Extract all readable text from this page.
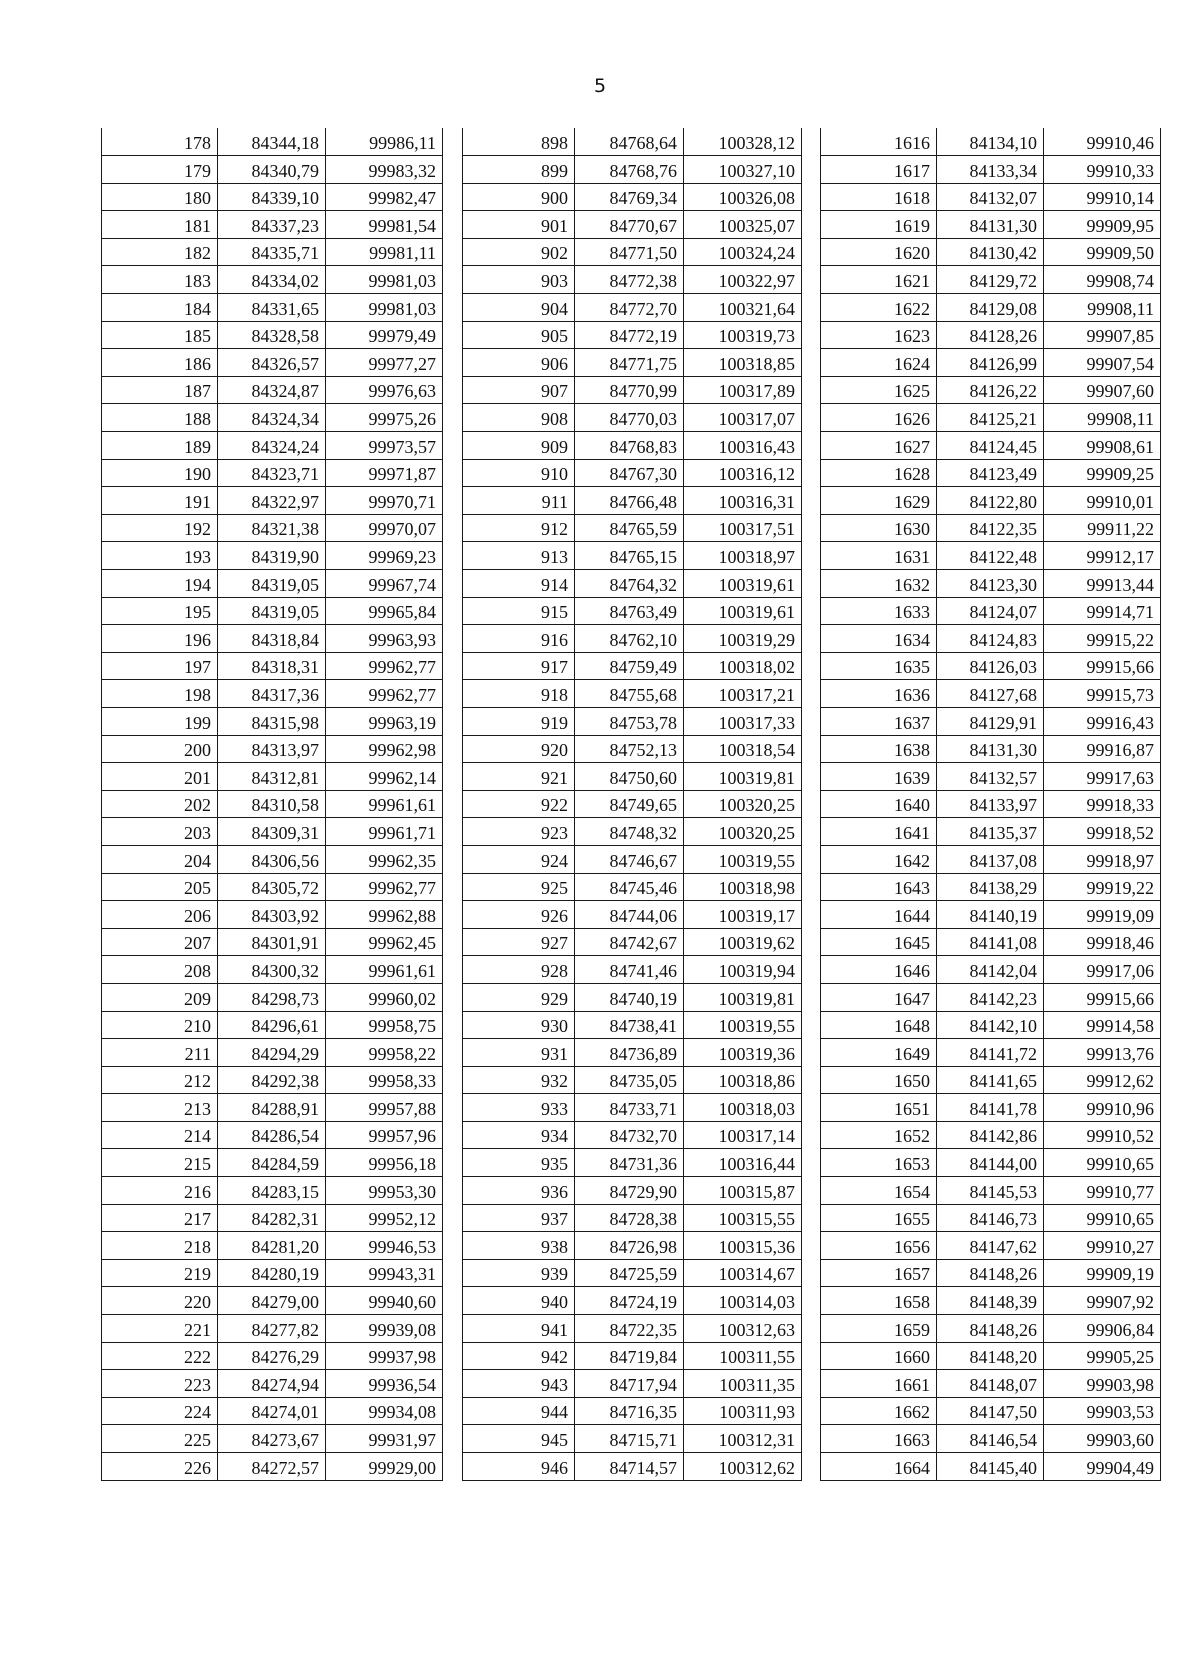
5
178	84344,18	99986,11
179	84340,79	99983,32
180	84339,10	99982,47
181	84337,23	99981,54
182	84335,71	99981,11
183	84334,02	99981,03
184	84331,65	99981,03
185	84328,58	99979,49
186	84326,57	99977,27
187	84324,87	99976,63
188	84324,34	99975,26
189	84324,24	99973,57
190	84323,71	99971,87
191	84322,97	99970,71
192	84321,38	99970,07
193	84319,90	99969,23
194	84319,05	99967,74
195	84319,05	99965,84
196	84318,84	99963,93
197	84318,31	99962,77
198	84317,36	99962,77
199	84315,98	99963,19
200	84313,97	99962,98
201	84312,81	99962,14
202	84310,58	99961,61
203	84309,31	99961,71
204	84306,56	99962,35
205	84305,72	99962,77
206	84303,92	99962,88
207	84301,91	99962,45
208	84300,32	99961,61
209	84298,73	99960,02
210	84296,61	99958,75
211	84294,29	99958,22
212	84292,38	99958,33
213	84288,91	99957,88
214	84286,54	99957,96
215	84284,59	99956,18
216	84283,15	99953,30
217	84282,31	99952,12
218	84281,20	99946,53
219	84280,19	99943,31
220	84279,00	99940,60
221	84277,82	99939,08
222	84276,29	99937,98
223	84274,94	99936,54
224	84274,01	99934,08
225	84273,67	99931,97
226	84272,57	99929,00
898	84768,64	100328,12
899	84768,76	100327,10
900	84769,34	100326,08
901	84770,67	100325,07
902	84771,50	100324,24
903	84772,38	100322,97
904	84772,70	100321,64
905	84772,19	100319,73
906	84771,75	100318,85
907	84770,99	100317,89
908	84770,03	100317,07
909	84768,83	100316,43
910	84767,30	100316,12
911	84766,48	100316,31
912	84765,59	100317,51
913	84765,15	100318,97
914	84764,32	100319,61
915	84763,49	100319,61
916	84762,10	100319,29
917	84759,49	100318,02
918	84755,68	100317,21
919	84753,78	100317,33
920	84752,13	100318,54
921	84750,60	100319,81
922	84749,65	100320,25
923	84748,32	100320,25
924	84746,67	100319,55
925	84745,46	100318,98
926	84744,06	100319,17
927	84742,67	100319,62
928	84741,46	100319,94
929	84740,19	100319,81
930	84738,41	100319,55
931	84736,89	100319,36
932	84735,05	100318,86
933	84733,71	100318,03
934	84732,70	100317,14
935	84731,36	100316,44
936	84729,90	100315,87
937	84728,38	100315,55
938	84726,98	100315,36
939	84725,59	100314,67
940	84724,19	100314,03
941	84722,35	100312,63
942	84719,84	100311,55
943	84717,94	100311,35
944	84716,35	100311,93
945	84715,71	100312,31
946	84714,57	100312,62
1616	84134,10	99910,46
1617	84133,34	99910,33
1618	84132,07	99910,14
1619	84131,30	99909,95
1620	84130,42	99909,50
1621	84129,72	99908,74
1622	84129,08	99908,11
1623	84128,26	99907,85
1624	84126,99	99907,54
1625	84126,22	99907,60
1626	84125,21	99908,11
1627	84124,45	99908,61
1628	84123,49	99909,25
1629	84122,80	99910,01
1630	84122,35	99911,22
1631	84122,48	99912,17
1632	84123,30	99913,44
1633	84124,07	99914,71
1634	84124,83	99915,22
1635	84126,03	99915,66
1636	84127,68	99915,73
1637	84129,91	99916,43
1638	84131,30	99916,87
1639	84132,57	99917,63
1640	84133,97	99918,33
1641	84135,37	99918,52
1642	84137,08	99918,97
1643	84138,29	99919,22
1644	84140,19	99919,09
1645	84141,08	99918,46
1646	84142,04	99917,06
1647	84142,23	99915,66
1648	84142,10	99914,58
1649	84141,72	99913,76
1650	84141,65	99912,62
1651	84141,78	99910,96
1652	84142,86	99910,52
1653	84144,00	99910,65
1654	84145,53	99910,77
1655	84146,73	99910,65
1656	84147,62	99910,27
1657	84148,26	99909,19
1658	84148,39	99907,92
1659	84148,26	99906,84
1660	84148,20	99905,25
1661	84148,07	99903,98
1662	84147,50	99903,53
1663	84146,54	99903,60
1664	84145,40	99904,49
